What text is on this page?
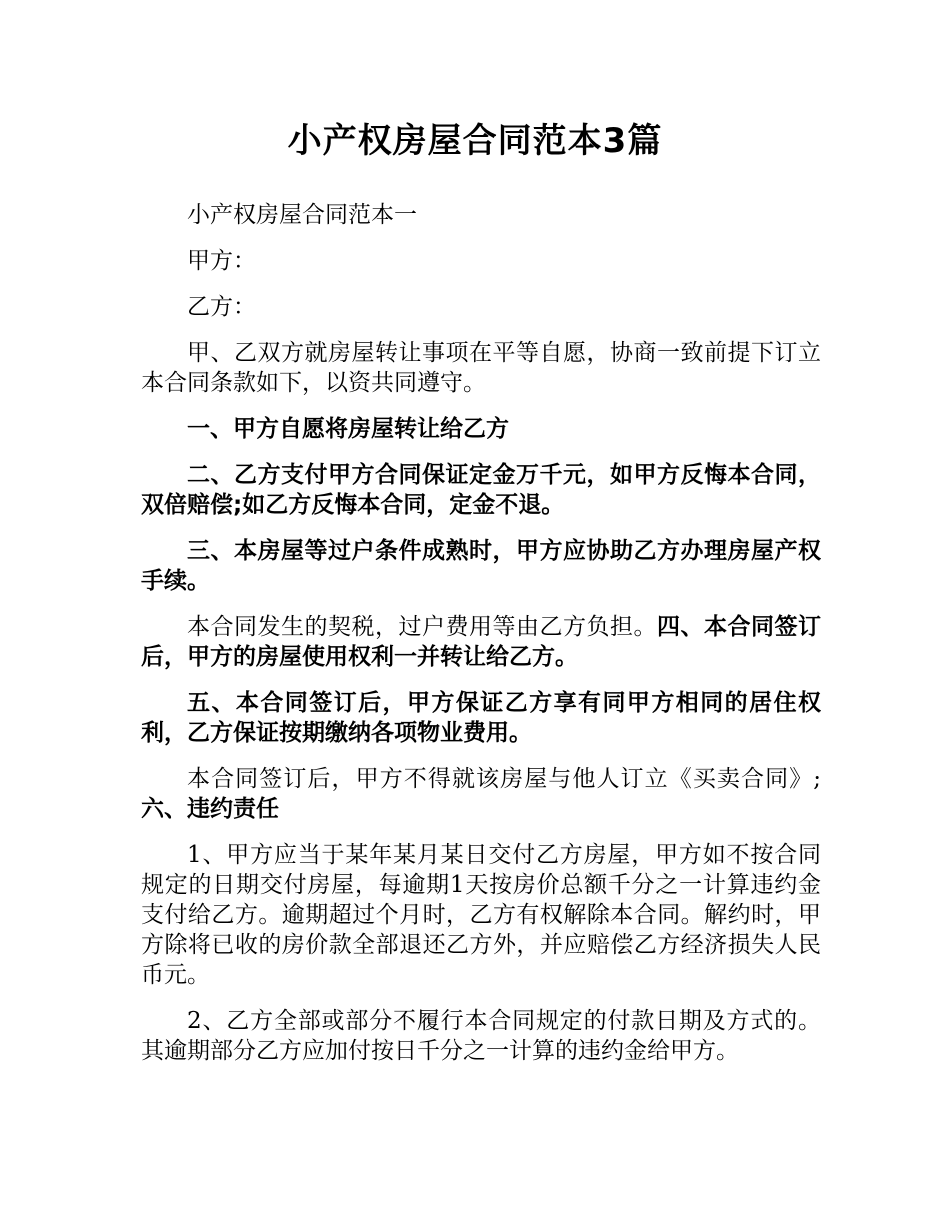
小产权房屋合同范本3篇

小产权房屋合同范本一

甲方：

乙方：

甲、乙双方就房屋转让事项在平等自愿，协商一致前提下订立本合同条款如下，以资共同遵守。

一、甲方自愿将房屋转让给乙方

二、乙方支付甲方合同保证定金万千元，如甲方反悔本合同，双倍赔偿;如乙方反悔本合同，定金不退。

三、本房屋等过户条件成熟时，甲方应协助乙方办理房屋产权手续。

本合同发生的契税，过户费用等由乙方负担。四、本合同签订后，甲方的房屋使用权利一并转让给乙方。

五、本合同签订后，甲方保证乙方享有同甲方相同的居住权利，乙方保证按期缴纳各项物业费用。

本合同签订后，甲方不得就该房屋与他人订立《买卖合同》;六、违约责任

1、甲方应当于某年某月某日交付乙方房屋，甲方如不按合同规定的日期交付房屋，每逾期1天按房价总额千分之一计算违约金支付给乙方。逾期超过个月时，乙方有权解除本合同。解约时，甲方除将已收的房价款全部退还乙方外，并应赔偿乙方经济损失人民币元。

2、乙方全部或部分不履行本合同规定的付款日期及方式的。其逾期部分乙方应加付按日千分之一计算的违约金给甲方。
